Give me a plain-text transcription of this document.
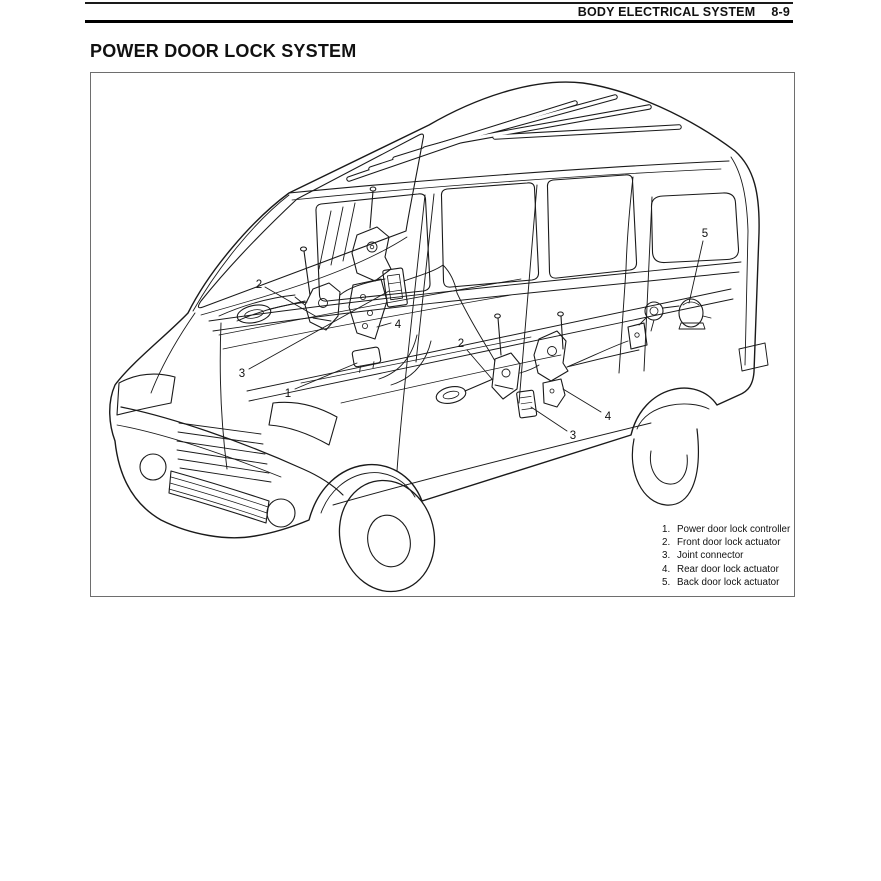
BODY ELECTRICAL SYSTEM 8-9
POWER DOOR LOCK SYSTEM
2
3
1
4
2
3
4
5
1. Power door lock controller
2. Front door lock actuator
3. Joint connector
4. Rear door lock actuator
5. Back door lock actuator
